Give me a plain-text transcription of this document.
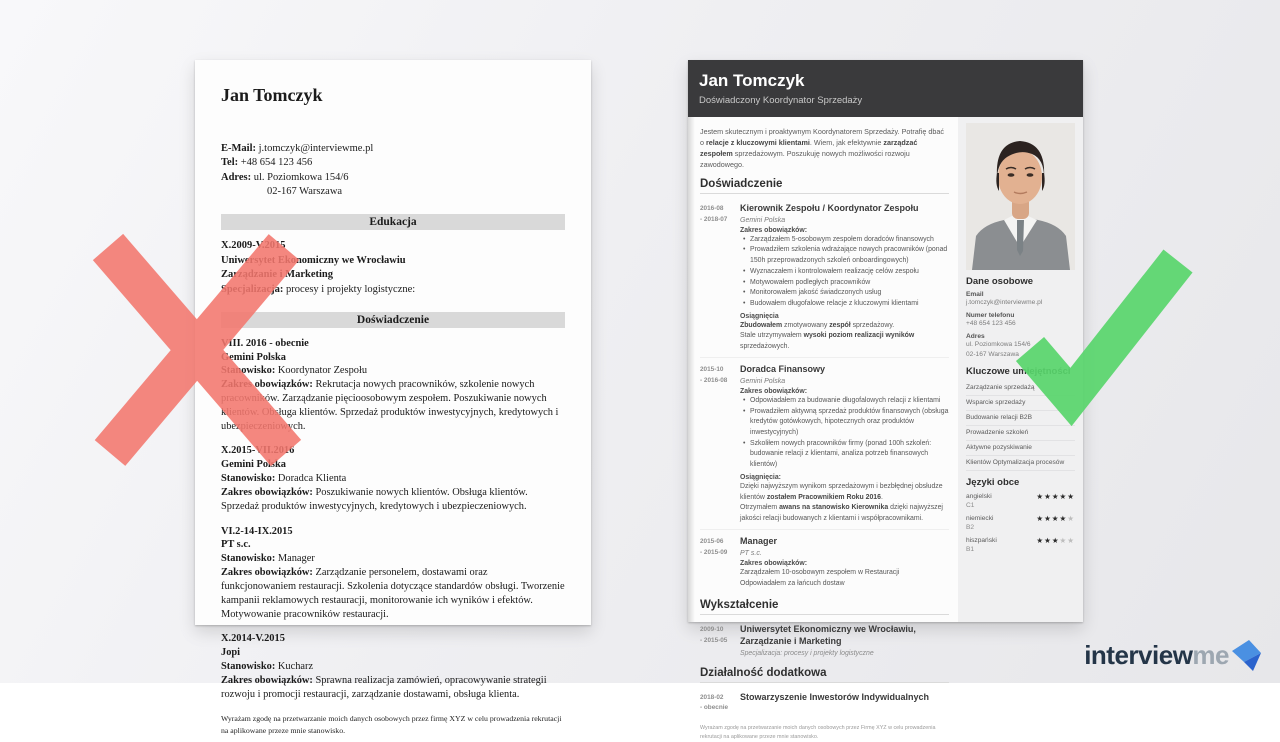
Jan Tomczyk
E-Mail: j.tomczyk@interviewme.pl
Tel: +48 654 123 456
Adres: ul. Poziomkowa 154/6
02-167 Warszawa
Edukacja
X.2009-V.2015
Uniwersytet Ekonomiczny we Wrocławiu
Zarządzanie i Marketing
Specjalizacja: procesy i projekty logistyczne:
Doświadczenie
VIII. 2016 - obecnie
Gemini Polska
Stanowisko: Koordynator Zespołu
Zakres obowiązków: Rekrutacja nowych pracowników, szkolenie nowych pracowników. Zarządzanie pięcioosobowym zespołem. Poszukiwanie nowych klientów. Obsługa klientów. Sprzedaż produktów inwestycyjnych, kredytowych i ubezpieczeniowych.
X.2015-VII.2016
Gemini Polska
Stanowisko: Doradca Klienta
Zakres obowiązków: Poszukiwanie nowych klientów. Obsługa klientów. Sprzedaż produktów inwestycyjnych, kredytowych i ubezpieczeniowych.
VI.2-14-IX.2015
PT s.c.
Stanowisko: Manager
Zakres obowiązków: Zarządzanie personelem, dostawami oraz funkcjonowaniem restauracji. Szkolenia dotyczące standardów obsługi. Tworzenie kampanii reklamowych restauracji, monitorowanie ich wyników i efektów. Motywowanie pracowników restauracji.
X.2014-V.2015
Jopi
Stanowisko: Kucharz
Zakres obowiązków: Sprawna realizacja zamówień, opracowywanie strategii rozwoju i promocji restauracji, zarządzanie dostawami, obsługa klienta.

Wyrażam zgodę na przetwarzanie moich danych osobowych przez firmę XYZ w celu prowadzenia rekrutacji na aplikowane przeze mnie stanowisko.

Jan Tomczyk
Doświadczony Koordynator Sprzedaży

Jestem skutecznym i proaktywnym Koordynatorem Sprzedaży. Potrafię dbać o relacje z kluczowymi klientami. Wiem, jak efektywnie zarządzać zespołem sprzedażowym. Poszukuję nowych możliwości rozwoju zawodowego.

Doświadczenie
2016-08
- 2018-07
Kierownik Zespołu / Koordynator Zespołu
Gemini Polska
Zakres obowiązków:
• Zarządzałem 5-osobowym zespołem doradców finansowych
• Prowadziłem szkolenia wdrażające nowych pracowników (ponad 150h przeprowadzonych szkoleń onboardingowych)
• Wyznaczałem i kontrolowałem realizację celów zespołu
• Motywowałem podległych pracowników
• Monitorowałem jakość świadczonych usług
• Budowałem długofalowe relacje z kluczowymi klientami
Osiągnięcia
Zbudowałem zmotywowany zespół sprzedażowy.
Stale utrzymywałem wysoki poziom realizacji wyników sprzedażowych.
2015-10
- 2016-08
Doradca Finansowy
Gemini Polska
Zakres obowiązków:
• Odpowiadałem za budowanie długofalowych relacji z klientami
• Prowadziłem aktywną sprzedaż produktów finansowych (obsługa kredytów gotówkowych, hipotecznych oraz produktów inwestycyjnych)
• Szkoliłem nowych pracowników firmy (ponad 100h szkoleń: budowanie relacji z klientami, analiza potrzeb finansowych klientów)
Osiągnięcia:
Dzięki najwyższym wynikom sprzedażowym i bezbłędnej obsłudze klientów zostałem Pracownikiem Roku 2016.
Otrzymałem awans na stanowisko Kierownika dzięki najwyższej jakości relacji budowanych z klientami i współpracownikami.
2015-06
- 2015-09
Manager
PT s.c.
Zakres obowiązków:
Zarządzałem 10-osobowym zespołem w Restauracji
Odpowiadałem za łańcuch dostaw
Wykształcenie
2009-10
- 2015-05
Uniwersytet Ekonomiczny we Wrocławiu, Zarządzanie i Marketing
Specjalizacja: procesy i projekty logistyczne
Działalność dodatkowa
2018-02
- obecnie
Stowarzyszenie Inwestorów Indywidualnych

Wyrażam zgodę na przetwarzanie moich danych osobowych przez Firmę XYZ w celu prowadzenia rekrutacji na aplikowane przeze mnie stanowisko.

Dane osobowe
Email
j.tomczyk@interviewme.pl
Numer telefonu
+48 654 123 456
Adres
ul. Poziomkowa 154/6
02-167 Warszawa
Kluczowe umiejętności
Zarządzanie sprzedażą
Wsparcie sprzedaży
Budowanie relacji B2B
Prowadzenie szkoleń
Aktywne pozyskiwanie
Klientów Optymalizacja procesów
Języki obce
angielski	★★★★★
C1
niemiecki	★★★★★
B2
hiszpański	★★★★★
B1
interview me
